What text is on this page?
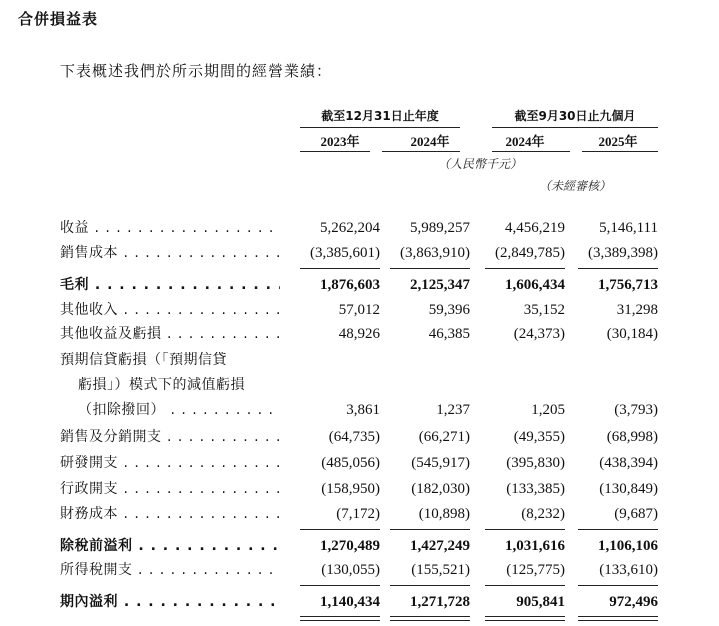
合併損益表
下表概述我們於所示期間的經營業績：
截至12月31日止年度	截至9月30日止九個月
2023年	2024年	2024年	2025年
（人民幣千元）
（未經審核）
收益 . . .	5,262,204	5,989,257	4,456,219	5,146,111
銷售成本 . . .	(3,385,601)	(3,863,910)	(2,849,785)	(3,389,398)
毛利 . . .	1,876,603	2,125,347	1,606,434	1,756,713
其他收入 . . .	57,012	59,396	35,152	31,298
其他收益及虧損 . . .	48,926	46,385	(24,373)	(30,184)
預期信貸虧損（「預期信貸
虧損」）模式下的減值虧損
（扣除撥回） . . .	3,861	1,237	1,205	(3,793)
銷售及分銷開支 . . .	(64,735)	(66,271)	(49,355)	(68,998)
研發開支 . . .	(485,056)	(545,917)	(395,830)	(438,394)
行政開支 . . .	(158,950)	(182,030)	(133,385)	(130,849)
財務成本 . . .	(7,172)	(10,898)	(8,232)	(9,687)
除稅前溢利 . . .	1,270,489	1,427,249	1,031,616	1,106,106
所得稅開支 . . .	(130,055)	(155,521)	(125,775)	(133,610)
期內溢利 . . .	1,140,434	1,271,728	905,841	972,496
